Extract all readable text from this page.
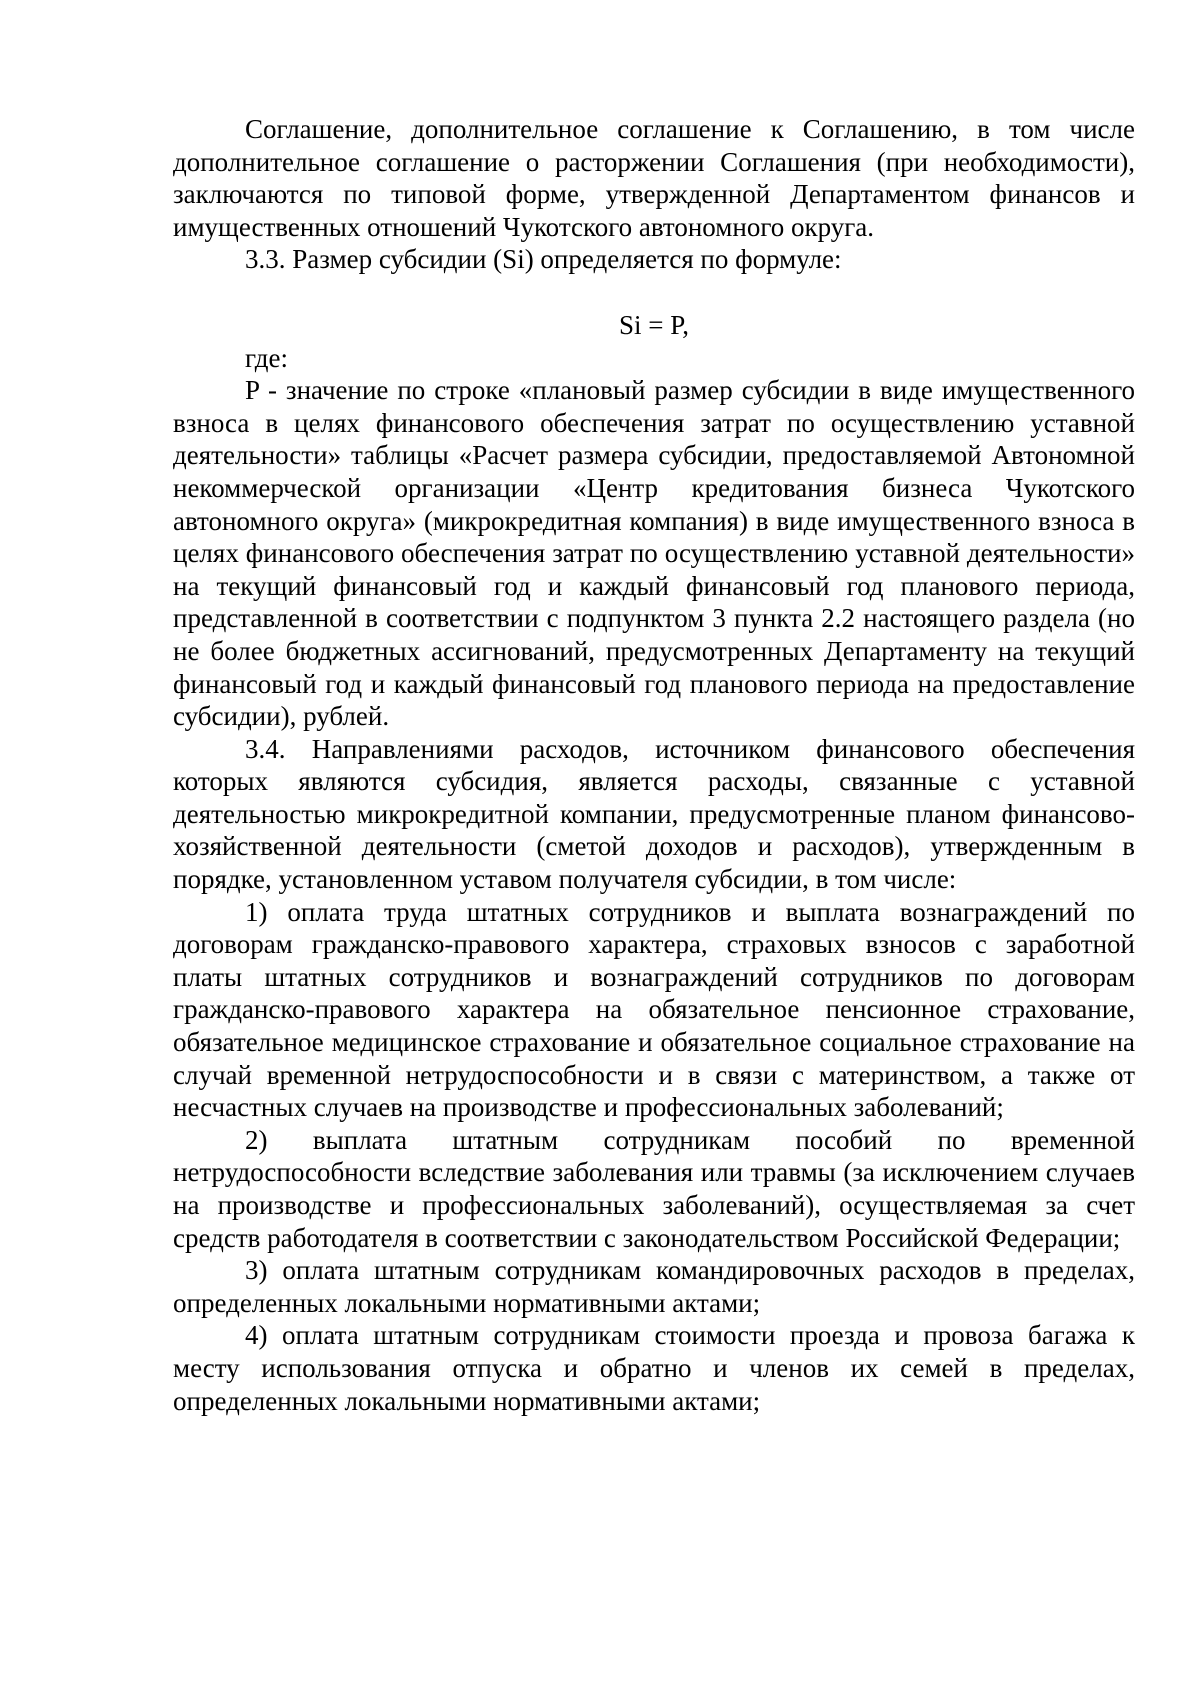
Соглашение, дополнительное соглашение к Соглашению, в том числе дополнительное соглашение о расторжении Соглашения (при необходимости), заключаются по типовой форме, утвержденной Департаментом финансов и имущественных отношений Чукотского автономного округа.

3.3. Размер субсидии (Si) определяется по формуле:

Si = P,

где:

P - значение по строке «плановый размер субсидии в виде имущественного взноса в целях финансового обеспечения затрат по осуществлению уставной деятельности» таблицы «Расчет размера субсидии, предоставляемой Автономной некоммерческой организации «Центр кредитования бизнеса Чукотского автономного округа» (микрокредитная компания) в виде имущественного взноса в целях финансового обеспечения затрат по осуществлению уставной деятельности» на текущий финансовый год и каждый финансовый год планового периода, представленной в соответствии с подпунктом 3 пункта 2.2 настоящего раздела (но не более бюджетных ассигнований, предусмотренных Департаменту на текущий финансовый год и каждый финансовый год планового периода на предоставление субсидии), рублей.

3.4. Направлениями расходов, источником финансового обеспечения которых являются субсидия, является расходы, связанные с уставной деятельностью микрокредитной компании, предусмотренные планом финансово-хозяйственной деятельности (сметой доходов и расходов), утвержденным в порядке, установленном уставом получателя субсидии, в том числе:

1) оплата труда штатных сотрудников и выплата вознаграждений по договорам гражданско-правового характера, страховых взносов с заработной платы штатных сотрудников и вознаграждений сотрудников по договорам гражданско-правового характера на обязательное пенсионное страхование, обязательное медицинское страхование и обязательное социальное страхование на случай временной нетрудоспособности и в связи с материнством, а также от несчастных случаев на производстве и профессиональных заболеваний;

2) выплата штатным сотрудникам пособий по временной нетрудоспособности вследствие заболевания или травмы (за исключением случаев на производстве и профессиональных заболеваний), осуществляемая за счет средств работодателя в соответствии с законодательством Российской Федерации;

3) оплата штатным сотрудникам командировочных расходов в пределах, определенных локальными нормативными актами;

4) оплата штатным сотрудникам стоимости проезда и провоза багажа к месту использования отпуска и обратно и членов их семей в пределах, определенных локальными нормативными актами;
